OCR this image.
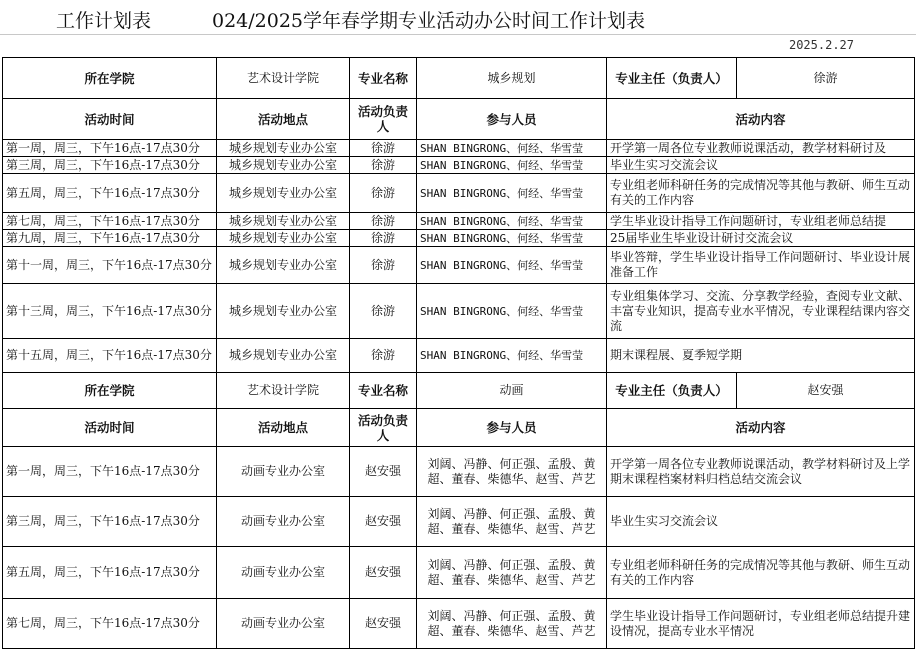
工作计划表	024/2025学年春学期专业活动办公时间工作计划表
2025.2.27
所在学院	艺术设计学院	专业名称	城乡规划	专业主任（负责人）	徐游
活动时间	活动地点	活动负责人	参与人员	活动内容	
第一周，周三，下午16点-17点30分	城乡规划专业办公室	徐游	SHAN BINGRONG、何经、华雪莹	开学第一周各位专业教师说课活动，教学材料研讨及	
第三周，周三，下午16点-17点30分	城乡规划专业办公室	徐游	SHAN BINGRONG、何经、华雪莹	毕业生实习交流会议	
第五周，周三，下午16点-17点30分	城乡规划专业办公室	徐游	SHAN BINGRONG、何经、华雪莹	专业组老师科研任务的完成情况等其他与教研、师生互动有关的工作内容	
第七周，周三，下午16点-17点30分	城乡规划专业办公室	徐游	SHAN BINGRONG、何经、华雪莹	学生毕业设计指导工作问题研讨，专业组老师总结提	
第九周，周三，下午16点-17点30分	城乡规划专业办公室	徐游	SHAN BINGRONG、何经、华雪莹	25届毕业生毕业设计研讨交流会议	
第十一周，周三，下午16点-17点30分	城乡规划专业办公室	徐游	SHAN BINGRONG、何经、华雪莹	毕业答辩，学生毕业设计指导工作问题研讨、毕业设计展准备工作	
第十三周，周三，下午16点-17点30分	城乡规划专业办公室	徐游	SHAN BINGRONG、何经、华雪莹	专业组集体学习、交流、分享教学经验，查阅专业文献、丰富专业知识，提高专业水平情况，专业课程结课内容交流	
第十五周，周三，下午16点-17点30分	城乡规划专业办公室	徐游	SHAN BINGRONG、何经、华雪莹	期末课程展、夏季短学期	
所在学院	艺术设计学院	专业名称	动画	专业主任（负责人）	赵安强
活动时间	活动地点	活动负责人	参与人员	活动内容	
第一周，周三，下午16点-17点30分	动画专业办公室	赵安强	刘阔、冯静、何正强、孟殷、黄超、董春、柴德华、赵雪、芦艺	开学第一周各位专业教师说课活动，教学材料研讨及上学期末课程档案材料归档总结交流会议	
第三周，周三，下午16点-17点30分	动画专业办公室	赵安强	刘阔、冯静、何正强、孟殷、黄超、董春、柴德华、赵雪、芦艺	毕业生实习交流会议	
第五周，周三，下午16点-17点30分	动画专业办公室	赵安强	刘阔、冯静、何正强、孟殷、黄超、董春、柴德华、赵雪、芦艺	专业组老师科研任务的完成情况等其他与教研、师生互动有关的工作内容	
第七周，周三，下午16点-17点30分	动画专业办公室	赵安强	刘阔、冯静、何正强、孟殷、黄超、董春、柴德华、赵雪、芦艺	学生毕业设计指导工作问题研讨，专业组老师总结提升建设情况，提高专业水平情况	
